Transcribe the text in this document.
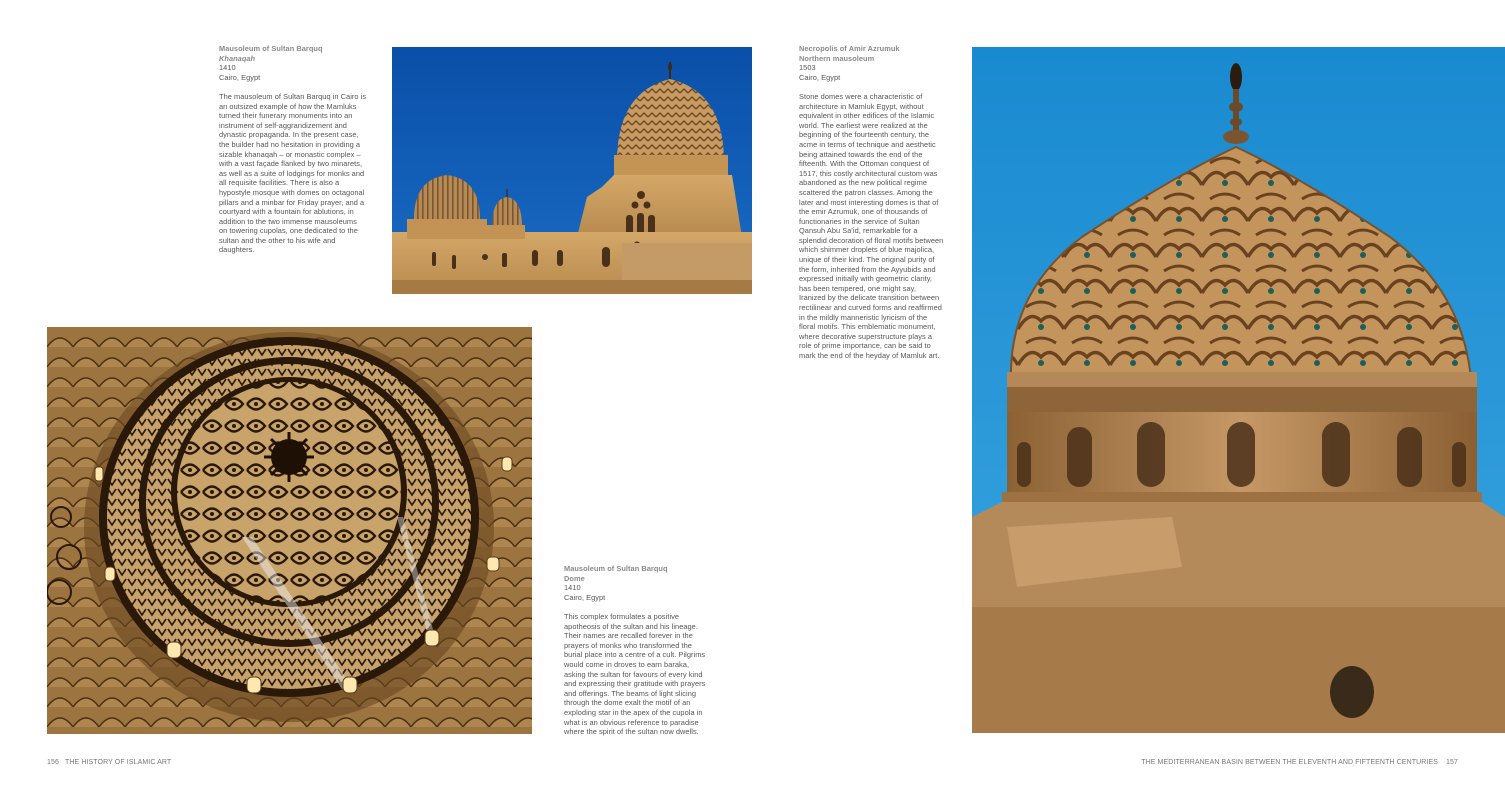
Mausoleum of Sultan Barquq
Khanaqah
1410
Cairo, Egypt
The mausoleum of Sultan Barquq in Cairo is an outsized example of how the Mamluks turned their funerary monuments into an instrument of self-aggrandizement and dynastic propaganda. In the present case, the builder had no hesitation in providing a sizable khanaqah – or monastic complex – with a vast façade flanked by two minarets, as well as a suite of lodgings for monks and all requisite facilities. There is also a hypostyle mosque with domes on octagonal pillars and a minbar for Friday prayer, and a courtyard with a fountain for ablutions, in addition to the two immense mausoleums on towering cupolas, one dedicated to the sultan and the other to his wife and daughters.
Mausoleum of Sultan Barquq
Dome
1410
Cairo, Egypt
This complex formulates a positive apotheosis of the sultan and his lineage. Their names are recalled forever in the prayers of monks who transformed the burial place into a centre of a cult. Pilgrims would come in droves to earn baraka, asking the sultan for favours of every kind and expressing their gratitude with prayers and offerings. The beams of light slicing through the dome exalt the motif of an exploding star in the apex of the cupola in what is an obvious reference to paradise where the spirit of the sultan now dwells.
Necropolis of Amir Azrumuk
Northern mausoleum
1503
Cairo, Egypt
Stone domes were a characteristic of architecture in Mamluk Egypt, without equivalent in other edifices of the Islamic world. The earliest were realized at the beginning of the fourteenth century, the acme in terms of technique and aesthetic being attained towards the end of the fifteenth. With the Ottoman conquest of 1517, this costly architectural custom was abandoned as the new political regime scattered the patron classes. Among the later and most interesting domes is that of the emir Azrumuk, one of thousands of functionaries in the service of Sultan Qansuh Abu Sa'id, remarkable for a splendid decoration of floral motifs between which shimmer droplets of blue majolica, unique of their kind. The original purity of the form, inherited from the Ayyubids and expressed initially with geometric clarity, has been tempered, one might say, Iranized by the delicate transition between rectilinear and curved forms and reaffirmed in the mildly manneristic lyricism of the floral motifs. This emblematic monument, where decorative superstructure plays a role of prime importance, can be said to mark the end of the heyday of Mamluk art.
156 THE HISTORY OF ISLAMIC ART	THE MEDITERRANEAN BASIN BETWEEN THE ELEVENTH AND FIFTEENTH CENTURIES 157
